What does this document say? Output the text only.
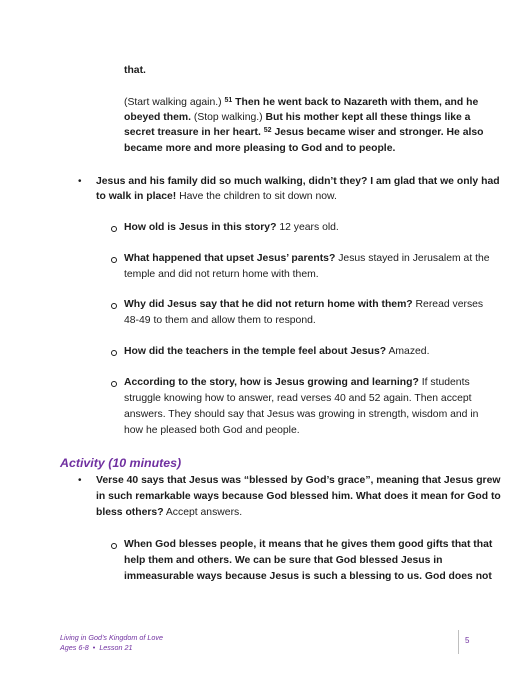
that.
(Start walking again.) $^{51}$ Then he went back to Nazareth with them, and he
obeyed them. (Stop walking.) But his mother kept all these things like a
secret treasure in her heart. $^{52}$ Jesus became wiser and stronger. He also
became more and more pleasing to God and to people.
• Jesus and his family did so much walking, didn’t they? I am glad that we only had
to walk in place! Have the children to sit down now.
How old is Jesus in this story? 12 years old.
What happened that upset Jesus’ parents? Jesus stayed in Jerusalem at the
temple and did not return home with them.
Why did Jesus say that he did not return home with them? Reread verses
48-49 to them and allow them to respond.
How did the teachers in the temple feel about Jesus? Amazed.
According to the story, how is Jesus growing and learning? If students
struggle knowing how to answer, read verses 40 and 52 again. Then accept
answers. They should say that Jesus was growing in strength, wisdom and in
how he pleased both God and people.
Activity (10 minutes)
• Verse 40 says that Jesus was “blessed by God’s grace”, meaning that Jesus grew
in such remarkable ways because God blessed him. What does it mean for God to
bless others? Accept answers.
When God blesses people, it means that he gives them good gifts that that
help them and others. We can be sure that God blessed Jesus in
immeasurable ways because Jesus is such a blessing to us. God does not
Living in God’s Kingdom of Love
Ages 6-8 • Lesson 21
5
